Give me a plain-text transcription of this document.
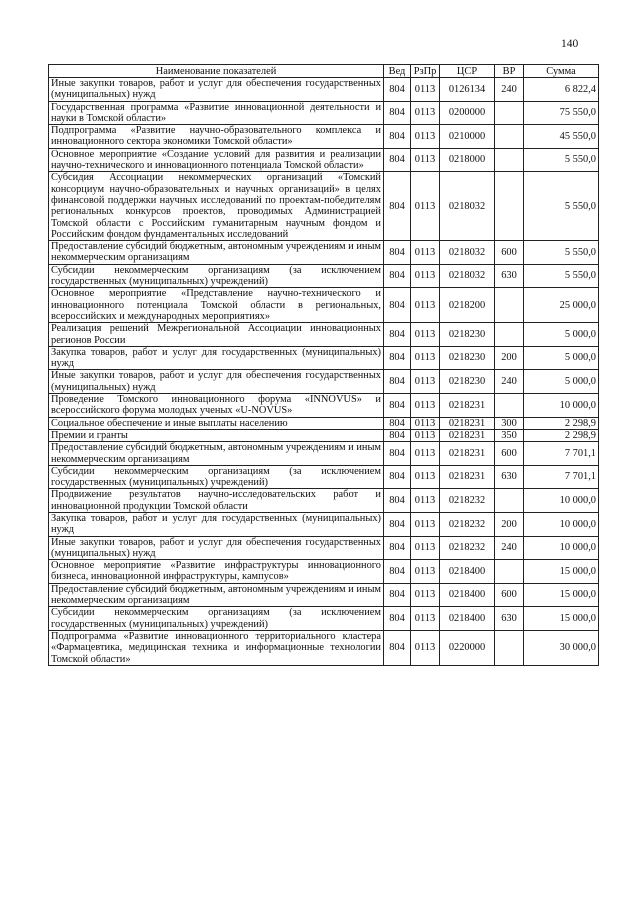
140
Наименование показателей	Вед	РзПр	ЦСР	ВР	Сумма
Иные закупки товаров, работ и услуг для обеспечения государственных (муниципальных) нужд	804	0113	0126134	240	6 822,4
Государственная программа «Развитие инновационной деятельности и науки в Томской области»	804	0113	0200000		75 550,0
Подпрограмма «Развитие научно-образовательного комплекса и инновационного сектора экономики Томской области»	804	0113	0210000		45 550,0
Основное мероприятие «Создание условий для развития и реализации научно-технического и инновационного потенциала Томской области»	804	0113	0218000		5 550,0
Субсидия Ассоциации некоммерческих организаций «Томский консорциум научно-образовательных и научных организаций» в целях финансовой поддержки научных исследований по проектам-победителям региональных конкурсов проектов, проводимых Администрацией Томской области с Российским гуманитарным научным фондом и Российским фондом фундаментальных исследований	804	0113	0218032		5 550,0
Предоставление субсидий бюджетным, автономным учреждениям и иным некоммерческим организациям	804	0113	0218032	600	5 550,0
Субсидии некоммерческим организациям (за исключением государственных (муниципальных) учреждений)	804	0113	0218032	630	5 550,0
Основное мероприятие «Представление научно-технического и инновационного потенциала Томской области в региональных, всероссийских и международных мероприятиях»	804	0113	0218200		25 000,0
Реализация решений Межрегиональной Ассоциации инновационных регионов России	804	0113	0218230		5 000,0
Закупка товаров, работ и услуг для государственных (муниципальных) нужд	804	0113	0218230	200	5 000,0
Иные закупки товаров, работ и услуг для обеспечения государственных (муниципальных) нужд	804	0113	0218230	240	5 000,0
Проведение Томского инновационного форума «INNOVUS» и всероссийского форума молодых ученых «U-NOVUS»	804	0113	0218231		10 000,0
Социальное обеспечение и иные выплаты населению	804	0113	0218231	300	2 298,9
Премии и гранты	804	0113	0218231	350	2 298,9
Предоставление субсидий бюджетным, автономным учреждениям и иным некоммерческим организациям	804	0113	0218231	600	7 701,1
Субсидии некоммерческим организациям (за исключением государственных (муниципальных) учреждений)	804	0113	0218231	630	7 701,1
Продвижение результатов научно-исследовательских работ и инновационной продукции Томской области	804	0113	0218232		10 000,0
Закупка товаров, работ и услуг для государственных (муниципальных) нужд	804	0113	0218232	200	10 000,0
Иные закупки товаров, работ и услуг для обеспечения государственных (муниципальных) нужд	804	0113	0218232	240	10 000,0
Основное мероприятие «Развитие инфраструктуры инновационного бизнеса, инновационной инфраструктуры, кампусов»	804	0113	0218400		15 000,0
Предоставление субсидий бюджетным, автономным учреждениям и иным некоммерческим организациям	804	0113	0218400	600	15 000,0
Субсидии некоммерческим организациям (за исключением государственных (муниципальных) учреждений)	804	0113	0218400	630	15 000,0
Подпрограмма «Развитие инновационного территориального кластера «Фармацевтика, медицинская техника и информационные технологии Томской области»	804	0113	0220000		30 000,0
